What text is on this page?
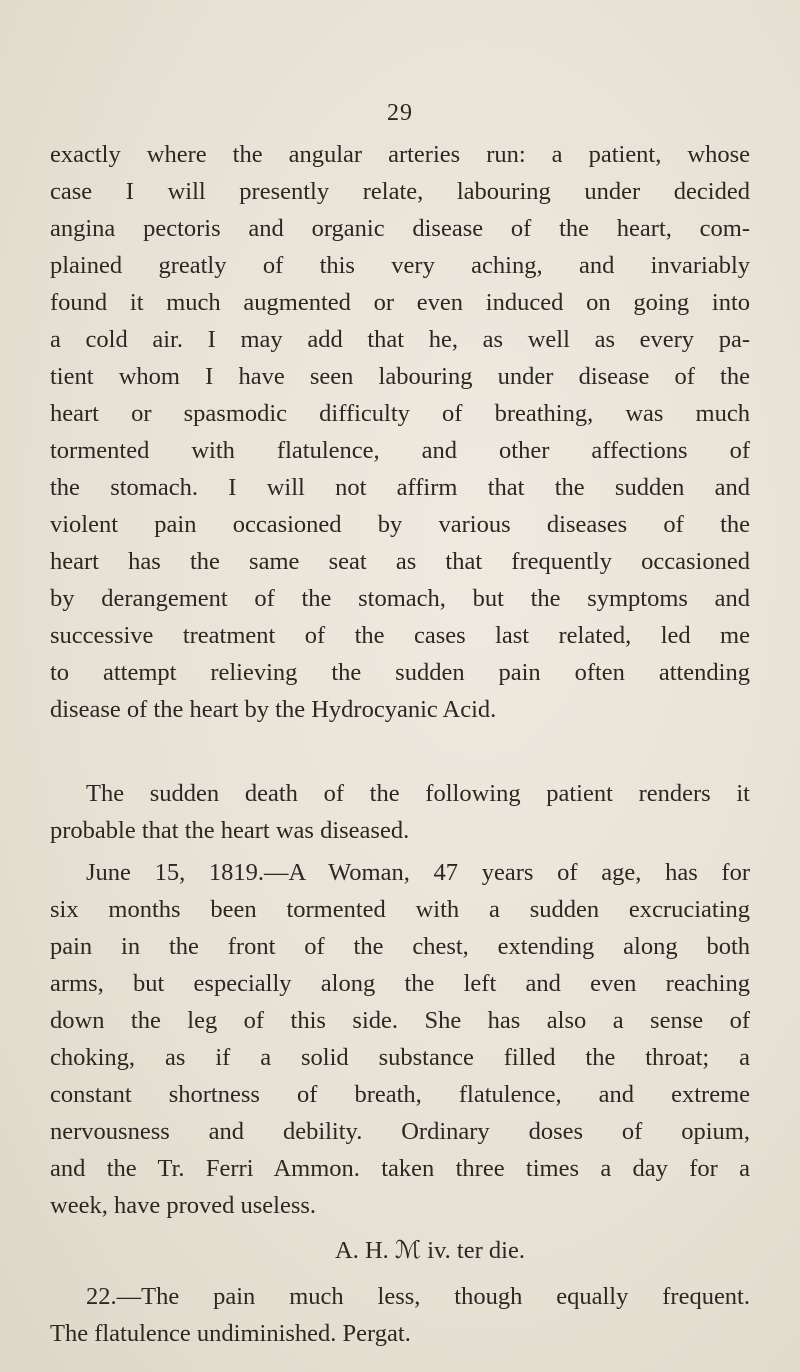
29
exactly where the angular arteries run: a patient, whose
case I will presently relate, labouring under decided
angina pectoris and organic disease of the heart, com-
plained greatly of this very aching, and invariably
found it much augmented or even induced on going into
a cold air. I may add that he, as well as every pa-
tient whom I have seen labouring under disease of the
heart or spasmodic difficulty of breathing, was much
tormented with flatulence, and other affections of
the stomach. I will not affirm that the sudden and
violent pain occasioned by various diseases of the
heart has the same seat as that frequently occasioned
by derangement of the stomach, but the symptoms and
successive treatment of the cases last related, led me
to attempt relieving the sudden pain often attending
disease of the heart by the Hydrocyanic Acid.
The sudden death of the following patient renders it
probable that the heart was diseased.
June 15, 1819.—A Woman, 47 years of age, has for
six months been tormented with a sudden excruciating
pain in the front of the chest, extending along both
arms, but especially along the left and even reaching
down the leg of this side. She has also a sense of
choking, as if a solid substance filled the throat; a
constant shortness of breath, flatulence, and extreme
nervousness and debility. Ordinary doses of opium,
and the Tr. Ferri Ammon. taken three times a day for a
week, have proved useless.
A. H. ℳ iv. ter die.
22.—The pain much less, though equally frequent.
The flatulence undiminished. Pergat.
